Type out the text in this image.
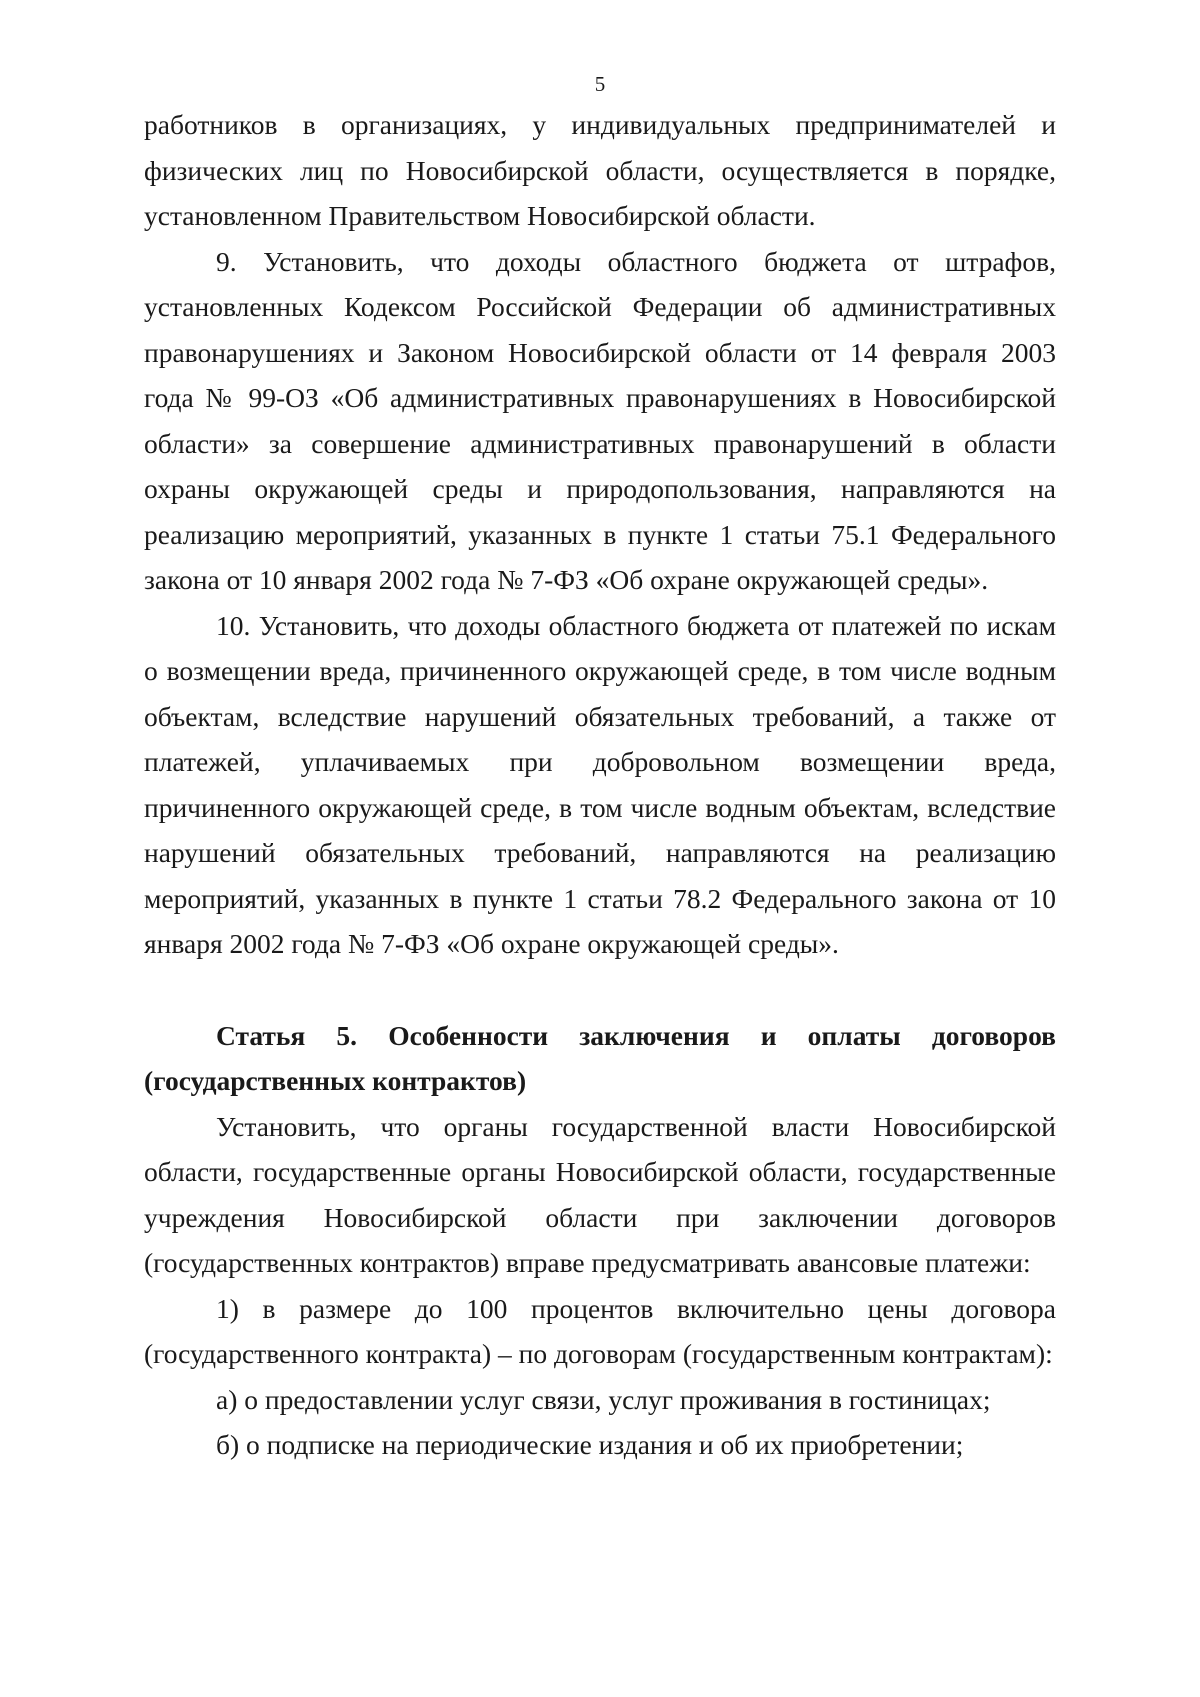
5

работников в организациях, у индивидуальных предпринимателей и физических лиц по Новосибирской области, осуществляется в порядке, установленном Правительством Новосибирской области.

9. Установить, что доходы областного бюджета от штрафов, установленных Кодексом Российской Федерации об административных правонарушениях и Законом Новосибирской области от 14 февраля 2003 года № 99-ОЗ «Об административных правонарушениях в Новосибирской области» за совершение административных правонарушений в области охраны окружающей среды и природопользования, направляются на реализацию мероприятий, указанных в пункте 1 статьи 75.1 Федерального закона от 10 января 2002 года № 7-ФЗ «Об охране окружающей среды».

10. Установить, что доходы областного бюджета от платежей по искам о возмещении вреда, причиненного окружающей среде, в том числе водным объектам, вследствие нарушений обязательных требований, а также от платежей, уплачиваемых при добровольном возмещении вреда, причиненного окружающей среде, в том числе водным объектам, вследствие нарушений обязательных требований, направляются на реализацию мероприятий, указанных в пункте 1 статьи 78.2 Федерального закона от 10 января 2002 года № 7-ФЗ «Об охране окружающей среды».

Статья 5. Особенности заключения и оплаты договоров (государственных контрактов)

Установить, что органы государственной власти Новосибирской области, государственные органы Новосибирской области, государственные учреждения Новосибирской области при заключении договоров (государственных контрактов) вправе предусматривать авансовые платежи:

1) в размере до 100 процентов включительно цены договора (государственного контракта) – по договорам (государственным контрактам):

а) о предоставлении услуг связи, услуг проживания в гостиницах;

б) о подписке на периодические издания и об их приобретении;
